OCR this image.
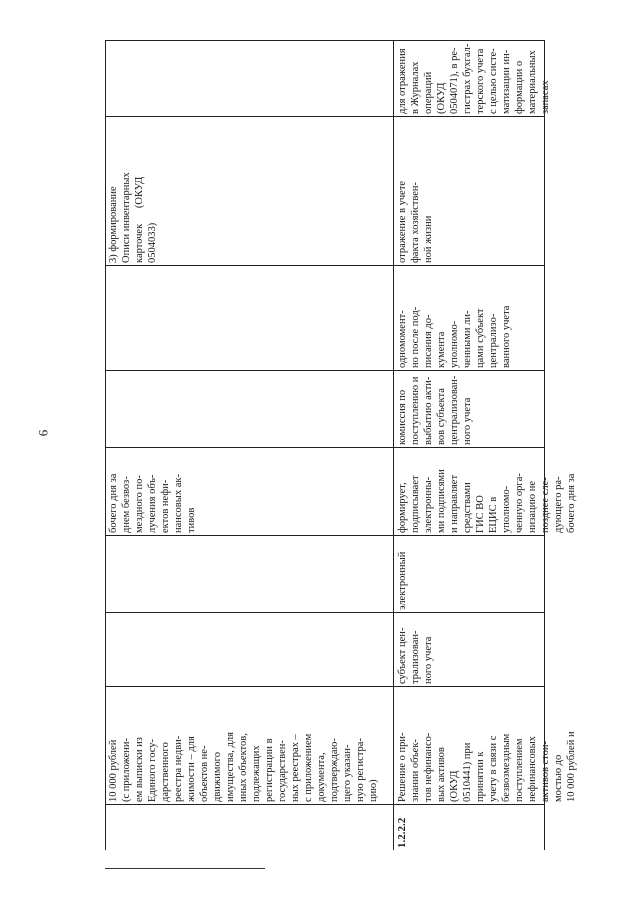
6
10 000 рублей
(с приложени-
ем выписки из
Единого госу-
дарственного
реестра недви-
жимости – для
объектов не-
движимого
имущества, для
иных объектов,
подлежащих
регистрации в
государствен-
ных реестрах –
с приложением
документа,
подтверждаю-
щего указан-
ную регистра-
цию)
бочего дня за
днем безвоз-
мездного по-
лучения объ-
ектов нефи-
нансовых ак-
тивов
3) формирование
Описи инвентарных
карточек      (ОКУД
0504033)
1.2.2.2
Решение о при-
знании объек-
тов нефинансо-
вых активов
(ОКУД
0510441) при
принятии к
учету в связи с
безвозмездным
поступлением
нефинансовых
активов стои-
мостью до
10 000 рублей и
субъект цен-
трализован-
ного учета
электронный
формирует,
подписывает
электронны-
ми подписями
и направляет
средствами
ГИС ВО
ЕЦИС в
уполномо-
ченную орга-
низацию не
позднее сле-
дующего ра-
бочего дня за
комиссия по
поступлению и
выбытию акти-
вов субъекта
централизован-
ного учета
одномомент-
но после под-
писания до-
кумента
уполномо-
ченными ли-
цами субъект
централизо-
ванного учета
отражение в учете
факта хозяйствен-
ной жизни
для отражения
в Журналах
операций
(ОКУД
0504071), в ре-
гистрах бухгал-
терского учета
с целью систе-
матизации ин-
формации о
материальных
запасах
